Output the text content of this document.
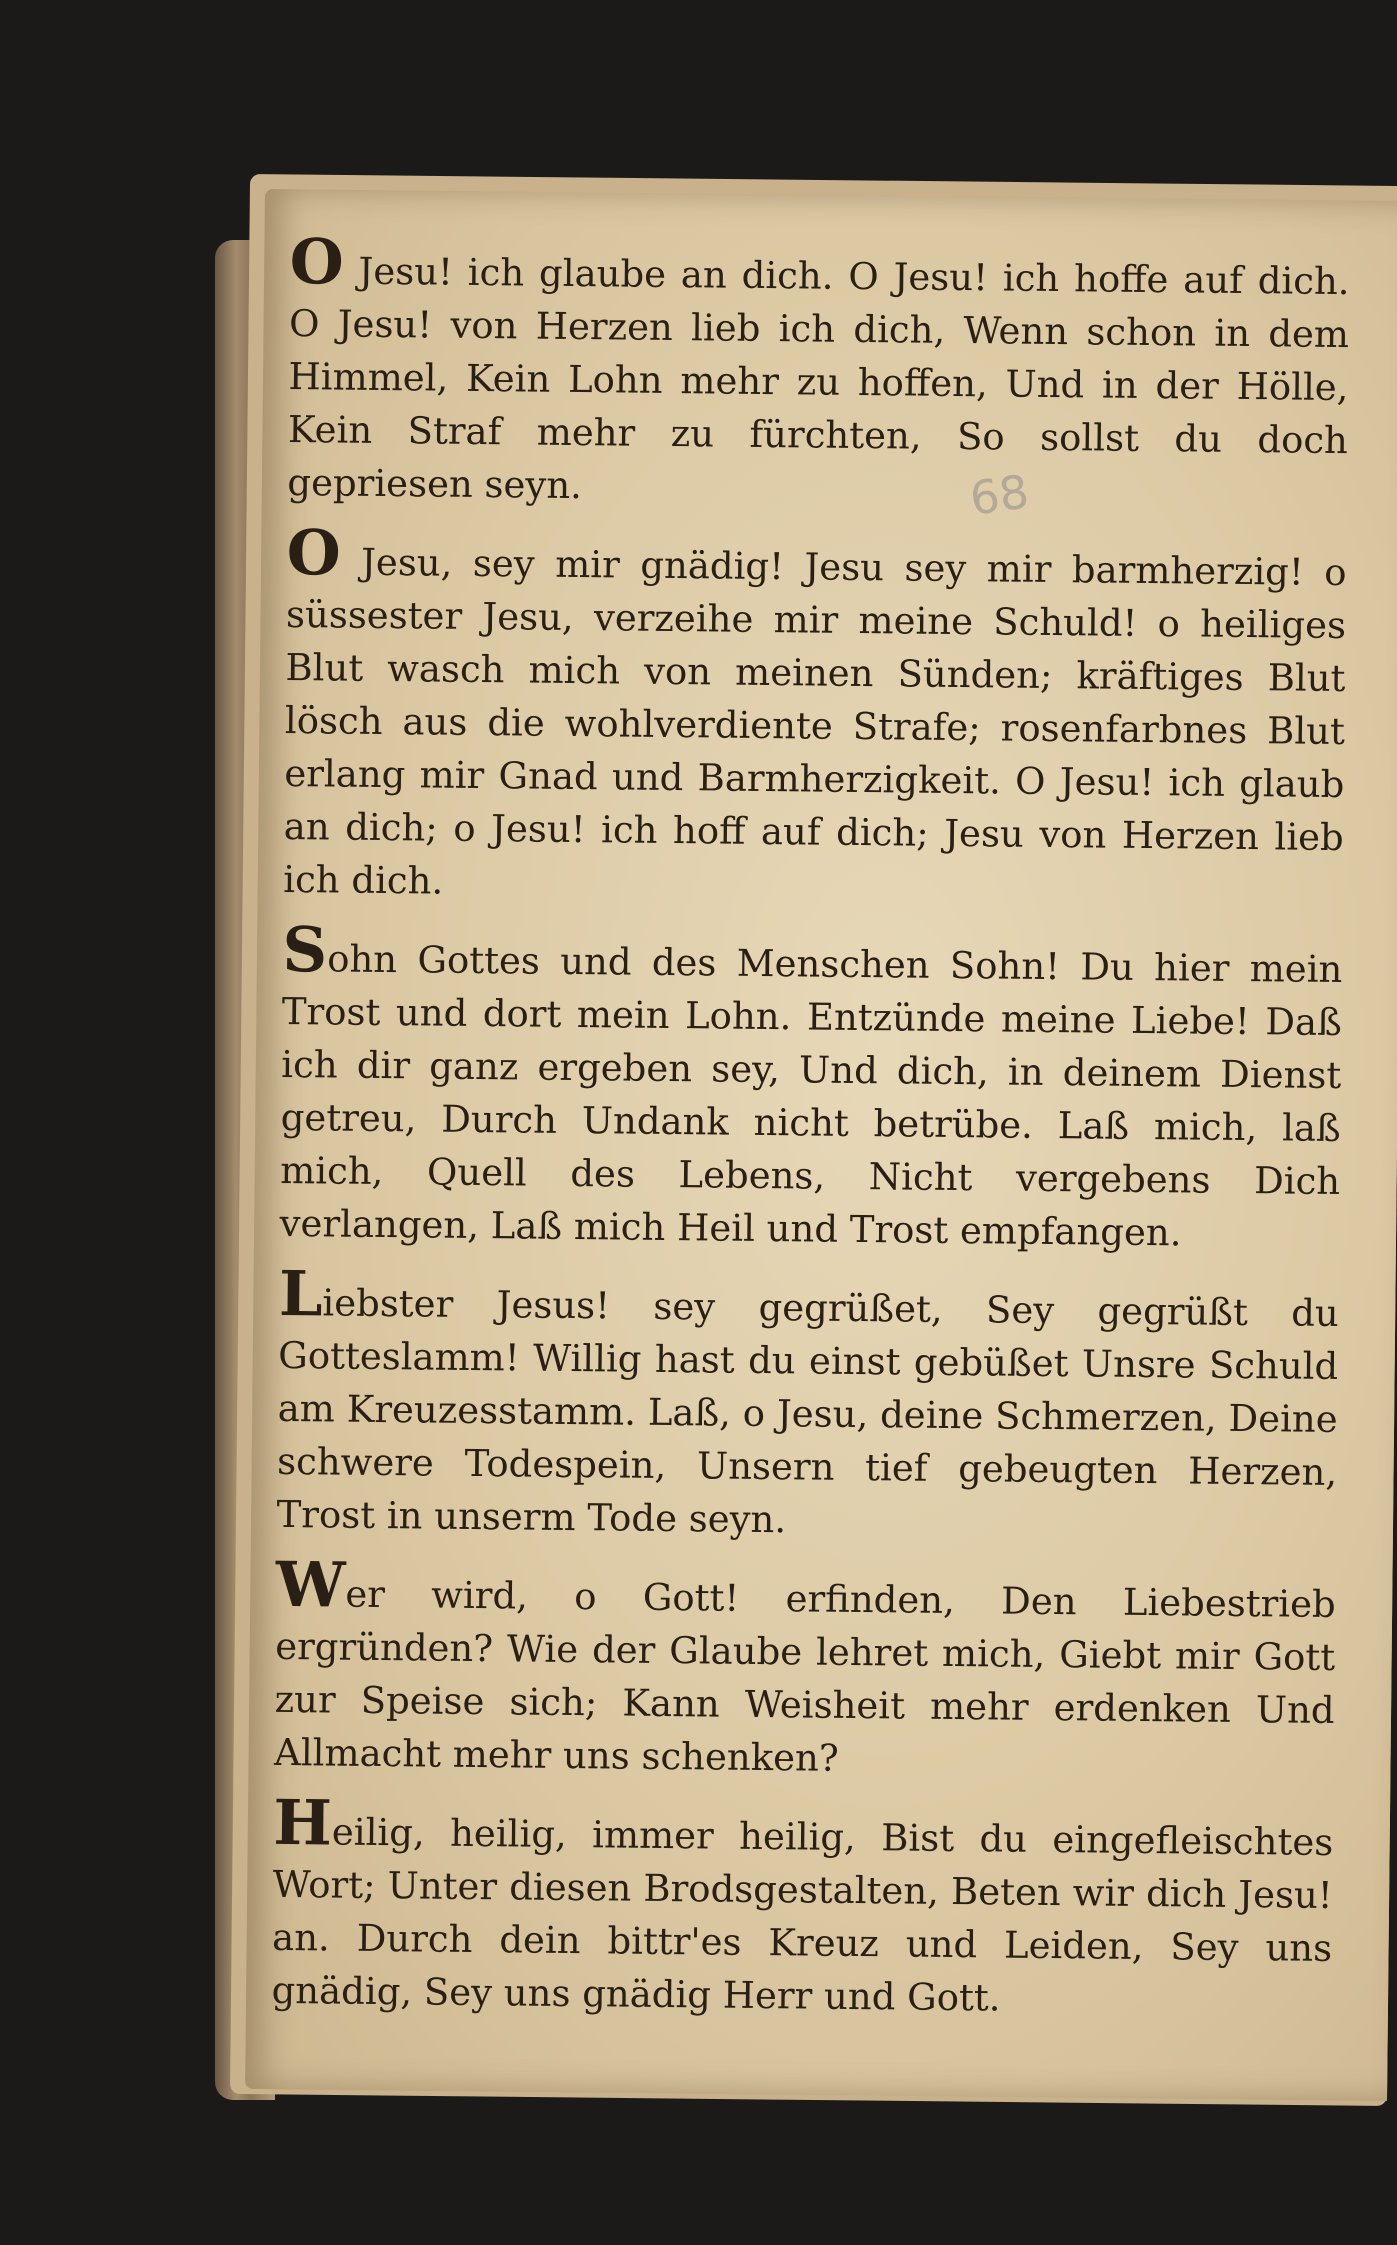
O Jesu! ich glaube an dich. O Jesu! ich hoffe auf dich. O Jesu! von Herzen lieb ich dich, Wenn schon in dem Himmel, Kein Lohn mehr zu hoffen, Und in der Hölle, Kein Straf mehr zu fürchten, So sollst du doch gepriesen seyn.

O Jesu, sey mir gnädig! Jesu sey mir barmherzig! o süssester Jesu, verzeihe mir meine Schuld! o heiliges Blut wasch mich von meinen Sünden; kräftiges Blut lösch aus die wohlverdiente Strafe; rosenfarbnes Blut erlang mir Gnad und Barmherzigkeit. O Jesu! ich glaub an dich; o Jesu! ich hoff auf dich; Jesu von Herzen lieb ich dich.

Sohn Gottes und des Menschen Sohn! Du hier mein Trost und dort mein Lohn. Entzünde meine Liebe! Daß ich dir ganz ergeben sey, Und dich, in deinem Dienst getreu, Durch Undank nicht betrübe. Laß mich, laß mich, Quell des Lebens, Nicht vergebens Dich verlangen, Laß mich Heil und Trost empfangen.

Liebster Jesus! sey gegrüßet, Sey gegrüßt du Gotteslamm! Willig hast du einst gebüßet Unsre Schuld am Kreuzesstamm. Laß, o Jesu, deine Schmerzen, Deine schwere Todespein, Unsern tief gebeugten Herzen, Trost in unserm Tode seyn.

Wer wird, o Gott! erfinden, Den Liebestrieb ergründen? Wie der Glaube lehret mich, Giebt mir Gott zur Speise sich; Kann Weisheit mehr erdenken Und Allmacht mehr uns schenken?

Heilig, heilig, immer heilig, Bist du eingefleischtes Wort; Unter diesen Brodsgestalten, Beten wir dich Jesu! an. Durch dein bittr'es Kreuz und Leiden, Sey uns gnädig, Sey uns gnädig Herr und Gott.

68
